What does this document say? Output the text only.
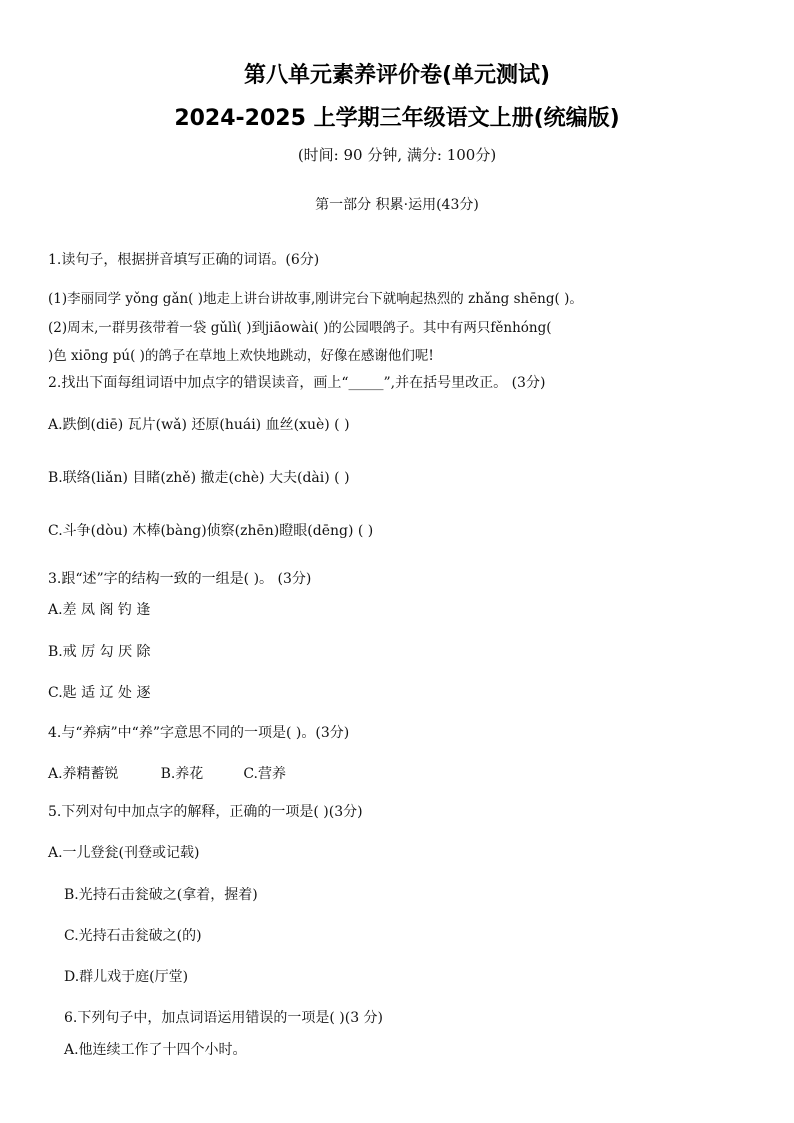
第八单元素养评价卷(单元测试)
2024-2025 上学期三年级语文上册(统编版)
(时间: 90 分钟, 满分: 100分)
第一部分 积累·运用(43分)
1.读句子，根据拼音填写正确的词语。(6分)
(1)李丽同学 yǒng gǎn( )地走上讲台讲故事,刚讲完台下就响起热烈的 zhǎng shēng( )。
(2)周末,一群男孩带着一袋 gǔlì( )到jiāowài( )的公园喂鸽子。其中有两只fěnhóng(
)色 xiōng pú( )的鸽子在草地上欢快地跳动，好像在感谢他们呢!
2.找出下面每组词语中加点字的错误读音，画上“_____”,并在括号里改正。 (3分)
A.跌倒(diē) 瓦片(wǎ) 还原(huái) 血丝(xuè) ( )
B.联络(liǎn) 目睹(zhě) 撤走(chè) 大夫(dài) ( )
C.斗争(dòu) 木棒(bàng)侦察(zhēn)瞪眼(dēng) ( )
3.跟“述”字的结构一致的一组是( )。 (3分)
A.差 凤 阁 钓 逢
B.戒 厉 勾 厌 除
C.匙 适 辽 处 逐
4.与“养病”中“养”字意思不同的一项是( )。(3分)
A.养精蓄锐	B.养花	C.营养
5.下列对句中加点字的解释，正确的一项是( )(3分)
A.一儿登瓮(刊登或记载)
B.光持石击瓮破之(拿着，握着)
C.光持石击瓮破之(的)
D.群儿戏于庭(厅堂)
6.下列句子中，加点词语运用错误的一项是( )(3 分)
A.他连续工作了十四个小时。
